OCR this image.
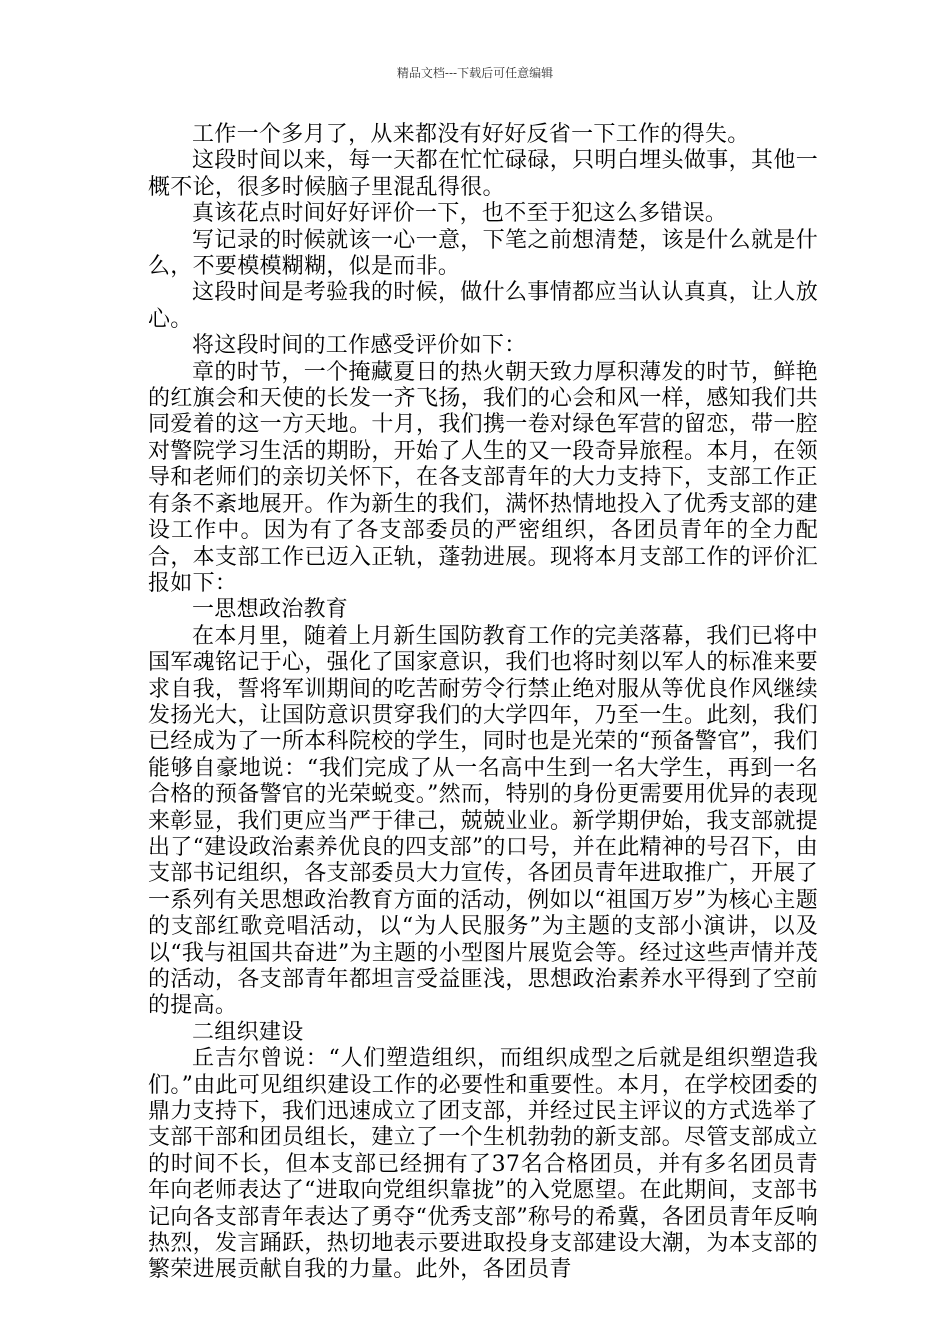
精品文档---下载后可任意编辑

工作一个多月了，从来都没有好好反省一下工作的得失。

这段时间以来，每一天都在忙忙碌碌，只明白埋头做事，其他一概不论，很多时候脑子里混乱得很。

真该花点时间好好评价一下，也不至于犯这么多错误。

写记录的时候就该一心一意，下笔之前想清楚，该是什么就是什么，不要模模糊糊，似是而非。

这段时间是考验我的时候，做什么事情都应当认认真真，让人放心。

将这段时间的工作感受评价如下：

章的时节，一个掩藏夏日的热火朝天致力厚积薄发的时节，鲜艳的红旗会和天使的长发一齐飞扬，我们的心会和风一样，感知我们共同爱着的这一方天地。十月，我们携一卷对绿色军营的留恋，带一腔对警院学习生活的期盼，开始了人生的又一段奇异旅程。本月，在领导和老师们的亲切关怀下，在各支部青年的大力支持下，支部工作正有条不紊地展开。作为新生的我们，满怀热情地投入了优秀支部的建设工作中。因为有了各支部委员的严密组织，各团员青年的全力配合，本支部工作已迈入正轨，蓬勃进展。现将本月支部工作的评价汇报如下：

一思想政治教育

在本月里，随着上月新生国防教育工作的完美落幕，我们已将中国军魂铭记于心，强化了国家意识，我们也将时刻以军人的标准来要求自我，誓将军训期间的吃苦耐劳令行禁止绝对服从等优良作风继续发扬光大，让国防意识贯穿我们的大学四年，乃至一生。此刻，我们已经成为了一所本科院校的学生，同时也是光荣的“预备警官”，我们能够自豪地说：“我们完成了从一名高中生到一名大学生，再到一名合格的预备警官的光荣蜕变。”然而，特别的身份更需要用优异的表现来彰显，我们更应当严于律己，兢兢业业。新学期伊始，我支部就提出了“建设政治素养优良的四支部”的口号，并在此精神的号召下，由支部书记组织，各支部委员大力宣传，各团员青年进取推广，开展了一系列有关思想政治教育方面的活动，例如以“祖国万岁”为核心主题的支部红歌竞唱活动，以“为人民服务”为主题的支部小演讲，以及以“我与祖国共奋进”为主题的小型图片展览会等。经过这些声情并茂的活动，各支部青年都坦言受益匪浅，思想政治素养水平得到了空前的提高。

二组织建设

丘吉尔曾说：“人们塑造组织，而组织成型之后就是组织塑造我们。”由此可见组织建设工作的必要性和重要性。本月，在学校团委的鼎力支持下，我们迅速成立了团支部，并经过民主评议的方式选举了支部干部和团员组长，建立了一个生机勃勃的新支部。尽管支部成立的时间不长，但本支部已经拥有了37名合格团员，并有多名团员青年向老师表达了“进取向党组织靠拢”的入党愿望。在此期间，支部书记向各支部青年表达了勇夺“优秀支部”称号的希冀，各团员青年反响热烈，发言踊跃，热切地表示要进取投身支部建设大潮，为本支部的繁荣进展贡献自我的力量。此外，各团员青
